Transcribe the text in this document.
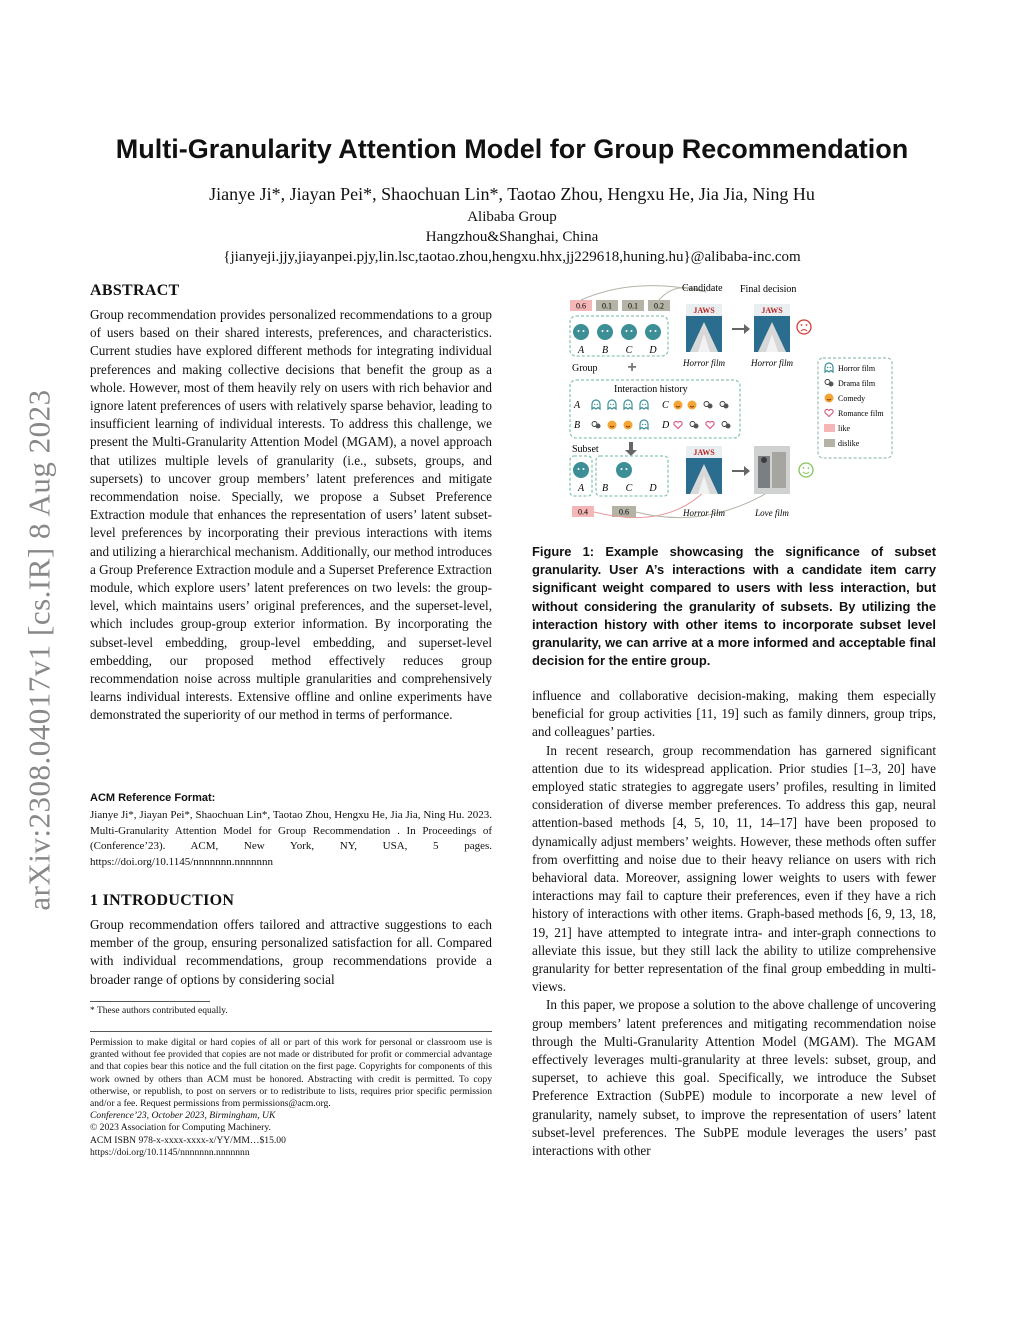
arXiv:2308.04017v1 [cs.IR] 8 Aug 2023
Multi-Granularity Attention Model for Group Recommendation
Jianye Ji*, Jiayan Pei*, Shaochuan Lin*, Taotao Zhou, Hengxu He, Jia Jia, Ning Hu
Alibaba Group
Hangzhou&Shanghai, China
{jianyeji.jjy,jiayanpei.pjy,lin.lsc,taotao.zhou,hengxu.hhx,jj229618,huning.hu}@alibaba-inc.com
ABSTRACT
Group recommendation provides personalized recommendations to a group of users based on their shared interests, preferences, and characteristics. Current studies have explored different methods for integrating individual preferences and making collective decisions that benefit the group as a whole. However, most of them heavily rely on users with rich behavior and ignore latent preferences of users with relatively sparse behavior, leading to insufficient learning of individual interests. To address this challenge, we present the Multi-Granularity Attention Model (MGAM), a novel approach that utilizes multiple levels of granularity (i.e., subsets, groups, and supersets) to uncover group members’ latent preferences and mitigate recommendation noise. Specially, we propose a Subset Preference Extraction module that enhances the representation of users’ latent subset-level preferences by incorporating their previous interactions with items and utilizing a hierarchical mechanism. Additionally, our method introduces a Group Preference Extraction module and a Superset Preference Extraction module, which explore users’ latent preferences on two levels: the group-level, which maintains users’ original preferences, and the superset-level, which includes group-group exterior information. By incorporating the subset-level embedding, group-level embedding, and superset-level embedding, our proposed method effectively reduces group recommendation noise across multiple granularities and comprehensively learns individual interests. Extensive offline and online experiments have demonstrated the superiority of our method in terms of performance.
ACM Reference Format:
Jianye Ji*, Jiayan Pei*, Shaochuan Lin*, Taotao Zhou, Hengxu He, Jia Jia, Ning Hu. 2023. Multi-Granularity Attention Model for Group Recommendation . In Proceedings of (Conference’23). ACM, New York, NY, USA, 5 pages. https://doi.org/10.1145/nnnnnnn.nnnnnnn
1 INTRODUCTION
Group recommendation offers tailored and attractive suggestions to each member of the group, ensuring personalized satisfaction for all. Compared with individual recommendations, group recommendations provide a broader range of options by considering social
* These authors contributed equally.

Permission to make digital or hard copies of all or part of this work for personal or classroom use is granted without fee provided that copies are not made or distributed for profit or commercial advantage and that copies bear this notice and the full citation on the first page. Copyrights for components of this work owned by others than ACM must be honored. Abstracting with credit is permitted. To copy otherwise, or republish, to post on servers or to redistribute to lists, requires prior specific permission and/or a fee. Request permissions from permissions@acm.org.

Conference’23, October 2023, Birmingham, UK
© 2023 Association for Computing Machinery.
ACM ISBN 978-x-xxxx-xxxx-x/YY/MM…$15.00
https://doi.org/10.1145/nnnnnnn.nnnnnnn
JAWS
0.6 0.1 0.1 0.2
Candidate Final decision
A B C D
Group +	Horror film	Horror film
Interaction history
A	C
B	D
Subset
A B C D
0.4	0.6	Horror film	Love film
Horror film
Drama film
Comedy
Romance film
like
dislike
Figure 1: Example showcasing the significance of subset granularity. User A’s interactions with a candidate item carry significant weight compared to users with less interaction, but without considering the granularity of subsets. By utilizing the interaction history with other items to incorporate subset level granularity, we can arrive at a more informed and acceptable final decision for the entire group.

influence and collaborative decision-making, making them especially beneficial for group activities [11, 19] such as family dinners, group trips, and colleagues’ parties.

In recent research, group recommendation has garnered significant attention due to its widespread application. Prior studies [1–3, 20] have employed static strategies to aggregate users’ profiles, resulting in limited consideration of diverse member preferences. To address this gap, neural attention-based methods [4, 5, 10, 11, 14–17] have been proposed to dynamically adjust members’ weights. However, these methods often suffer from overfitting and noise due to their heavy reliance on users with rich behavioral data. Moreover, assigning lower weights to users with fewer interactions may fail to capture their preferences, even if they have a rich history of interactions with other items. Graph-based methods [6, 9, 13, 18, 19, 21] have attempted to integrate intra- and inter-graph connections to alleviate this issue, but they still lack the ability to utilize comprehensive granularity for better representation of the final group embedding in multi-views.

In this paper, we propose a solution to the above challenge of uncovering group members’ latent preferences and mitigating recommendation noise through the Multi-Granularity Attention Model (MGAM). The MGAM effectively leverages multi-granularity at three levels: subset, group, and superset, to achieve this goal. Specifically, we introduce the Subset Preference Extraction (SubPE) module to incorporate a new level of granularity, namely subset, to improve the representation of users’ latent subset-level preferences. The SubPE module leverages the users’ past interactions with other
